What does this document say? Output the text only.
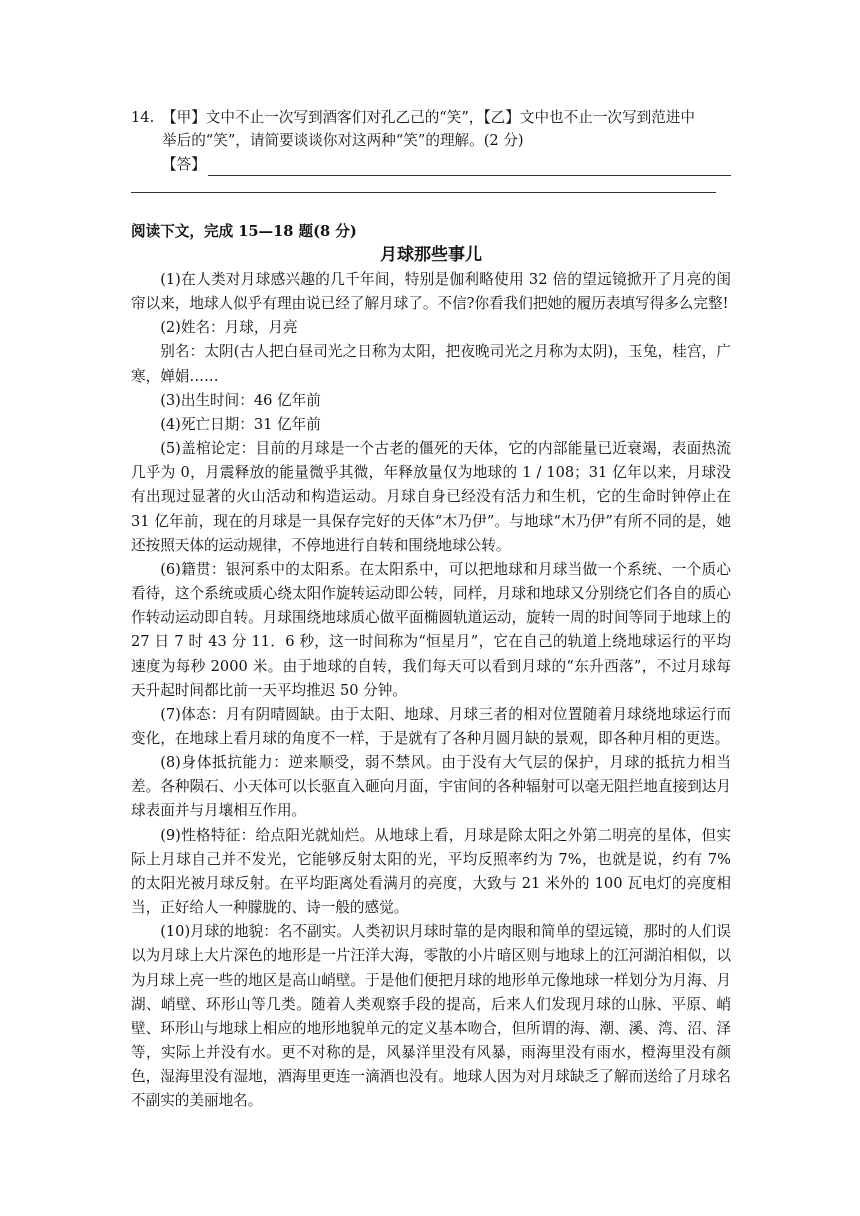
14. 【甲】文中不止一次写到酒客们对孔乙己的“笑”，【乙】文中也不止一次写到范进中
举后的“笑”，请简要谈谈你对这两种“笑”的理解。(2 分)
【答】
阅读下文，完成 15—18 题(8 分)
月球那些事儿

(1)在人类对月球感兴趣的几千年间，特别是伽利略使用 32 倍的望远镜掀开了月亮的闺帘以来，地球人似乎有理由说已经了解月球了。不信?你看我们把她的履历表填写得多么完整!

(2)姓名：月球，月亮

别名：太阴(古人把白昼司光之日称为太阳，把夜晚司光之月称为太阴)，玉兔，桂宫，广寒，婵娟……

(3)出生时间：46 亿年前

(4)死亡日期：31 亿年前

(5)盖棺论定：目前的月球是一个古老的僵死的天体，它的内部能量已近衰竭，表面热流几乎为 0，月震释放的能量微乎其微，年释放量仅为地球的 1 / 108；31 亿年以来，月球没有出现过显著的火山活动和构造运动。月球自身已经没有活力和生机，它的生命时钟停止在 31 亿年前，现在的月球是一具保存完好的天体“木乃伊”。与地球“木乃伊”有所不同的是，她还按照天体的运动规律，不停地进行自转和围绕地球公转。

(6)籍贯：银河系中的太阳系。在太阳系中，可以把地球和月球当做一个系统、一个质心看待，这个系统或质心绕太阳作旋转运动即公转，同样，月球和地球又分别绕它们各自的质心作转动运动即自转。月球围绕地球质心做平面椭圆轨道运动，旋转一周的时间等同于地球上的 27 日 7 时 43 分 11．6 秒，这一时间称为“恒星月”，它在自己的轨道上绕地球运行的平均速度为每秒 2000 米。由于地球的自转，我们每天可以看到月球的“东升西落”，不过月球每天升起时间都比前一天平均推迟 50 分钟。

(7)体态：月有阴晴圆缺。由于太阳、地球、月球三者的相对位置随着月球绕地球运行而变化，在地球上看月球的角度不一样，于是就有了各种月圆月缺的景观，即各种月相的更迭。

(8)身体抵抗能力：逆来顺受，弱不禁风。由于没有大气层的保护，月球的抵抗力相当差。各种陨石、小天体可以长驱直入砸向月面，宇宙间的各种辐射可以毫无阻拦地直接到达月球表面并与月壤相互作用。

(9)性格特征：给点阳光就灿烂。从地球上看，月球是除太阳之外第二明亮的星体，但实际上月球自己并不发光，它能够反射太阳的光，平均反照率约为 7%，也就是说，约有 7% 的太阳光被月球反射。在平均距离处看满月的亮度，大致与 21 米外的 100 瓦电灯的亮度相当，正好给人一种朦胧的、诗一般的感觉。

(10)月球的地貌：名不副实。人类初识月球时靠的是肉眼和简单的望远镜，那时的人们误以为月球上大片深色的地形是一片汪洋大海，零散的小片暗区则与地球上的江河湖泊相似，以为月球上亮一些的地区是高山峭壁。于是他们便把月球的地形单元像地球一样划分为月海、月湖、峭壁、环形山等几类。随着人类观察手段的提高，后来人们发现月球的山脉、平原、峭壁、环形山与地球上相应的地形地貌单元的定义基本吻合，但所谓的海、潮、溪、湾、沼、泽等，实际上并没有水。更不对称的是，风暴洋里没有风暴，雨海里没有雨水，橙海里没有颜色，湿海里没有湿地，酒海里更连一滴酒也没有。地球人因为对月球缺乏了解而送给了月球名不副实的美丽地名。
